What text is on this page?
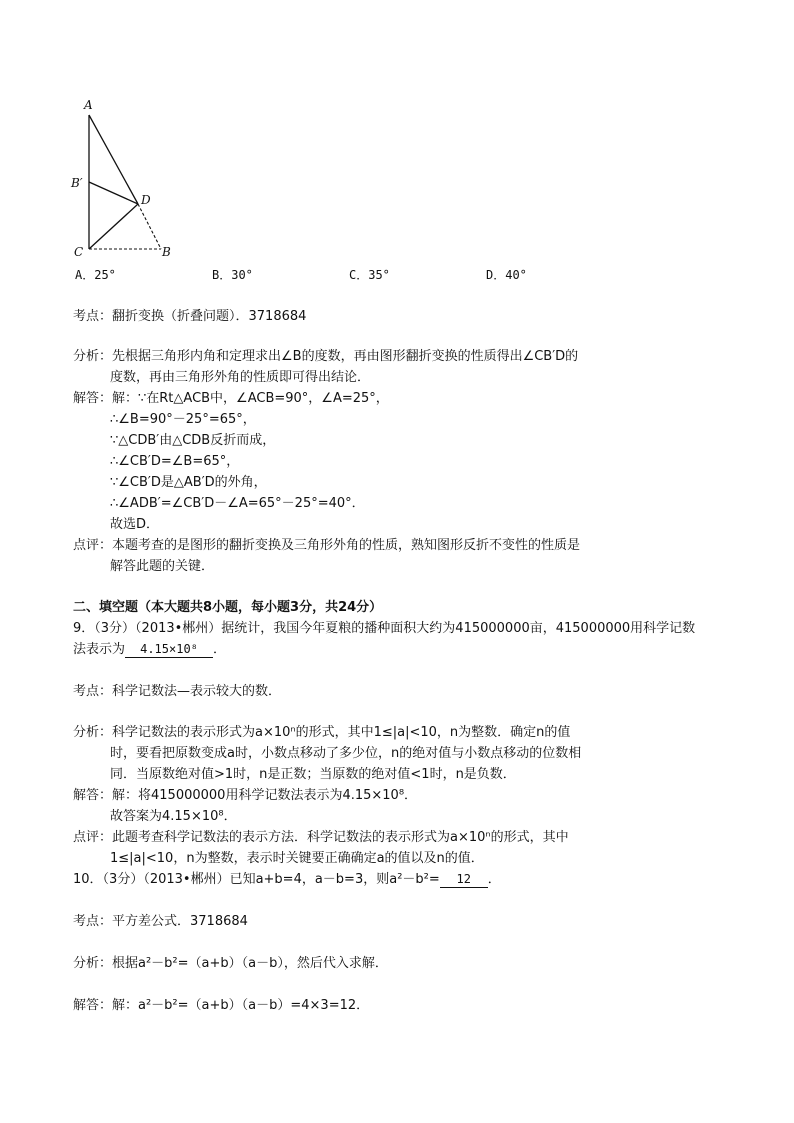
A
B′
D
C	B
A．25°	B．30°	C．35°	D．40°
考点：翻折变换（折叠问题）．3718684
分析：先根据三角形内角和定理求出∠B的度数，再由图形翻折变换的性质得出∠CB′D的
度数，再由三角形外角的性质即可得出结论．
解答：解：∵在Rt△ACB中，∠ACB=90°，∠A=25°，
∴∠B=90°－25°=65°，
∵△CDB′由△CDB反折而成，
∴∠CB′D=∠B=65°，
∵∠CB′D是△AB′D的外角，
∴∠ADB′=∠CB′D－∠A=65°－25°=40°．
故选D．
点评：本题考查的是图形的翻折变换及三角形外角的性质，熟知图形反折不变性的性质是
解答此题的关键．
二、填空题（本大题共8小题，每小题3分，共24分）
9．（3分）（2013•郴州）据统计，我国今年夏粮的播种面积大约为415000000亩，415000000用科学记数
法表示为 4.15×10⁸ ．
考点：科学记数法—表示较大的数．
分析：科学记数法的表示形式为a×10ⁿ的形式，其中1≤|a|<10，n为整数．确定n的值
时，要看把原数变成a时，小数点移动了多少位，n的绝对值与小数点移动的位数相
同．当原数绝对值>1时，n是正数；当原数的绝对值<1时，n是负数．
解答：解：将415000000用科学记数法表示为4.15×10⁸．
故答案为4.15×10⁸．
点评：此题考查科学记数法的表示方法．科学记数法的表示形式为a×10ⁿ的形式，其中
1≤|a|<10，n为整数，表示时关键要正确确定a的值以及n的值．
10．（3分）（2013•郴州）已知a+b=4，a－b=3，则a²－b²= 12 ．
考点：平方差公式．3718684
分析：根据a²－b²=（a+b）（a－b），然后代入求解．
解答：解：a²－b²=（a+b）（a－b）=4×3=12．
